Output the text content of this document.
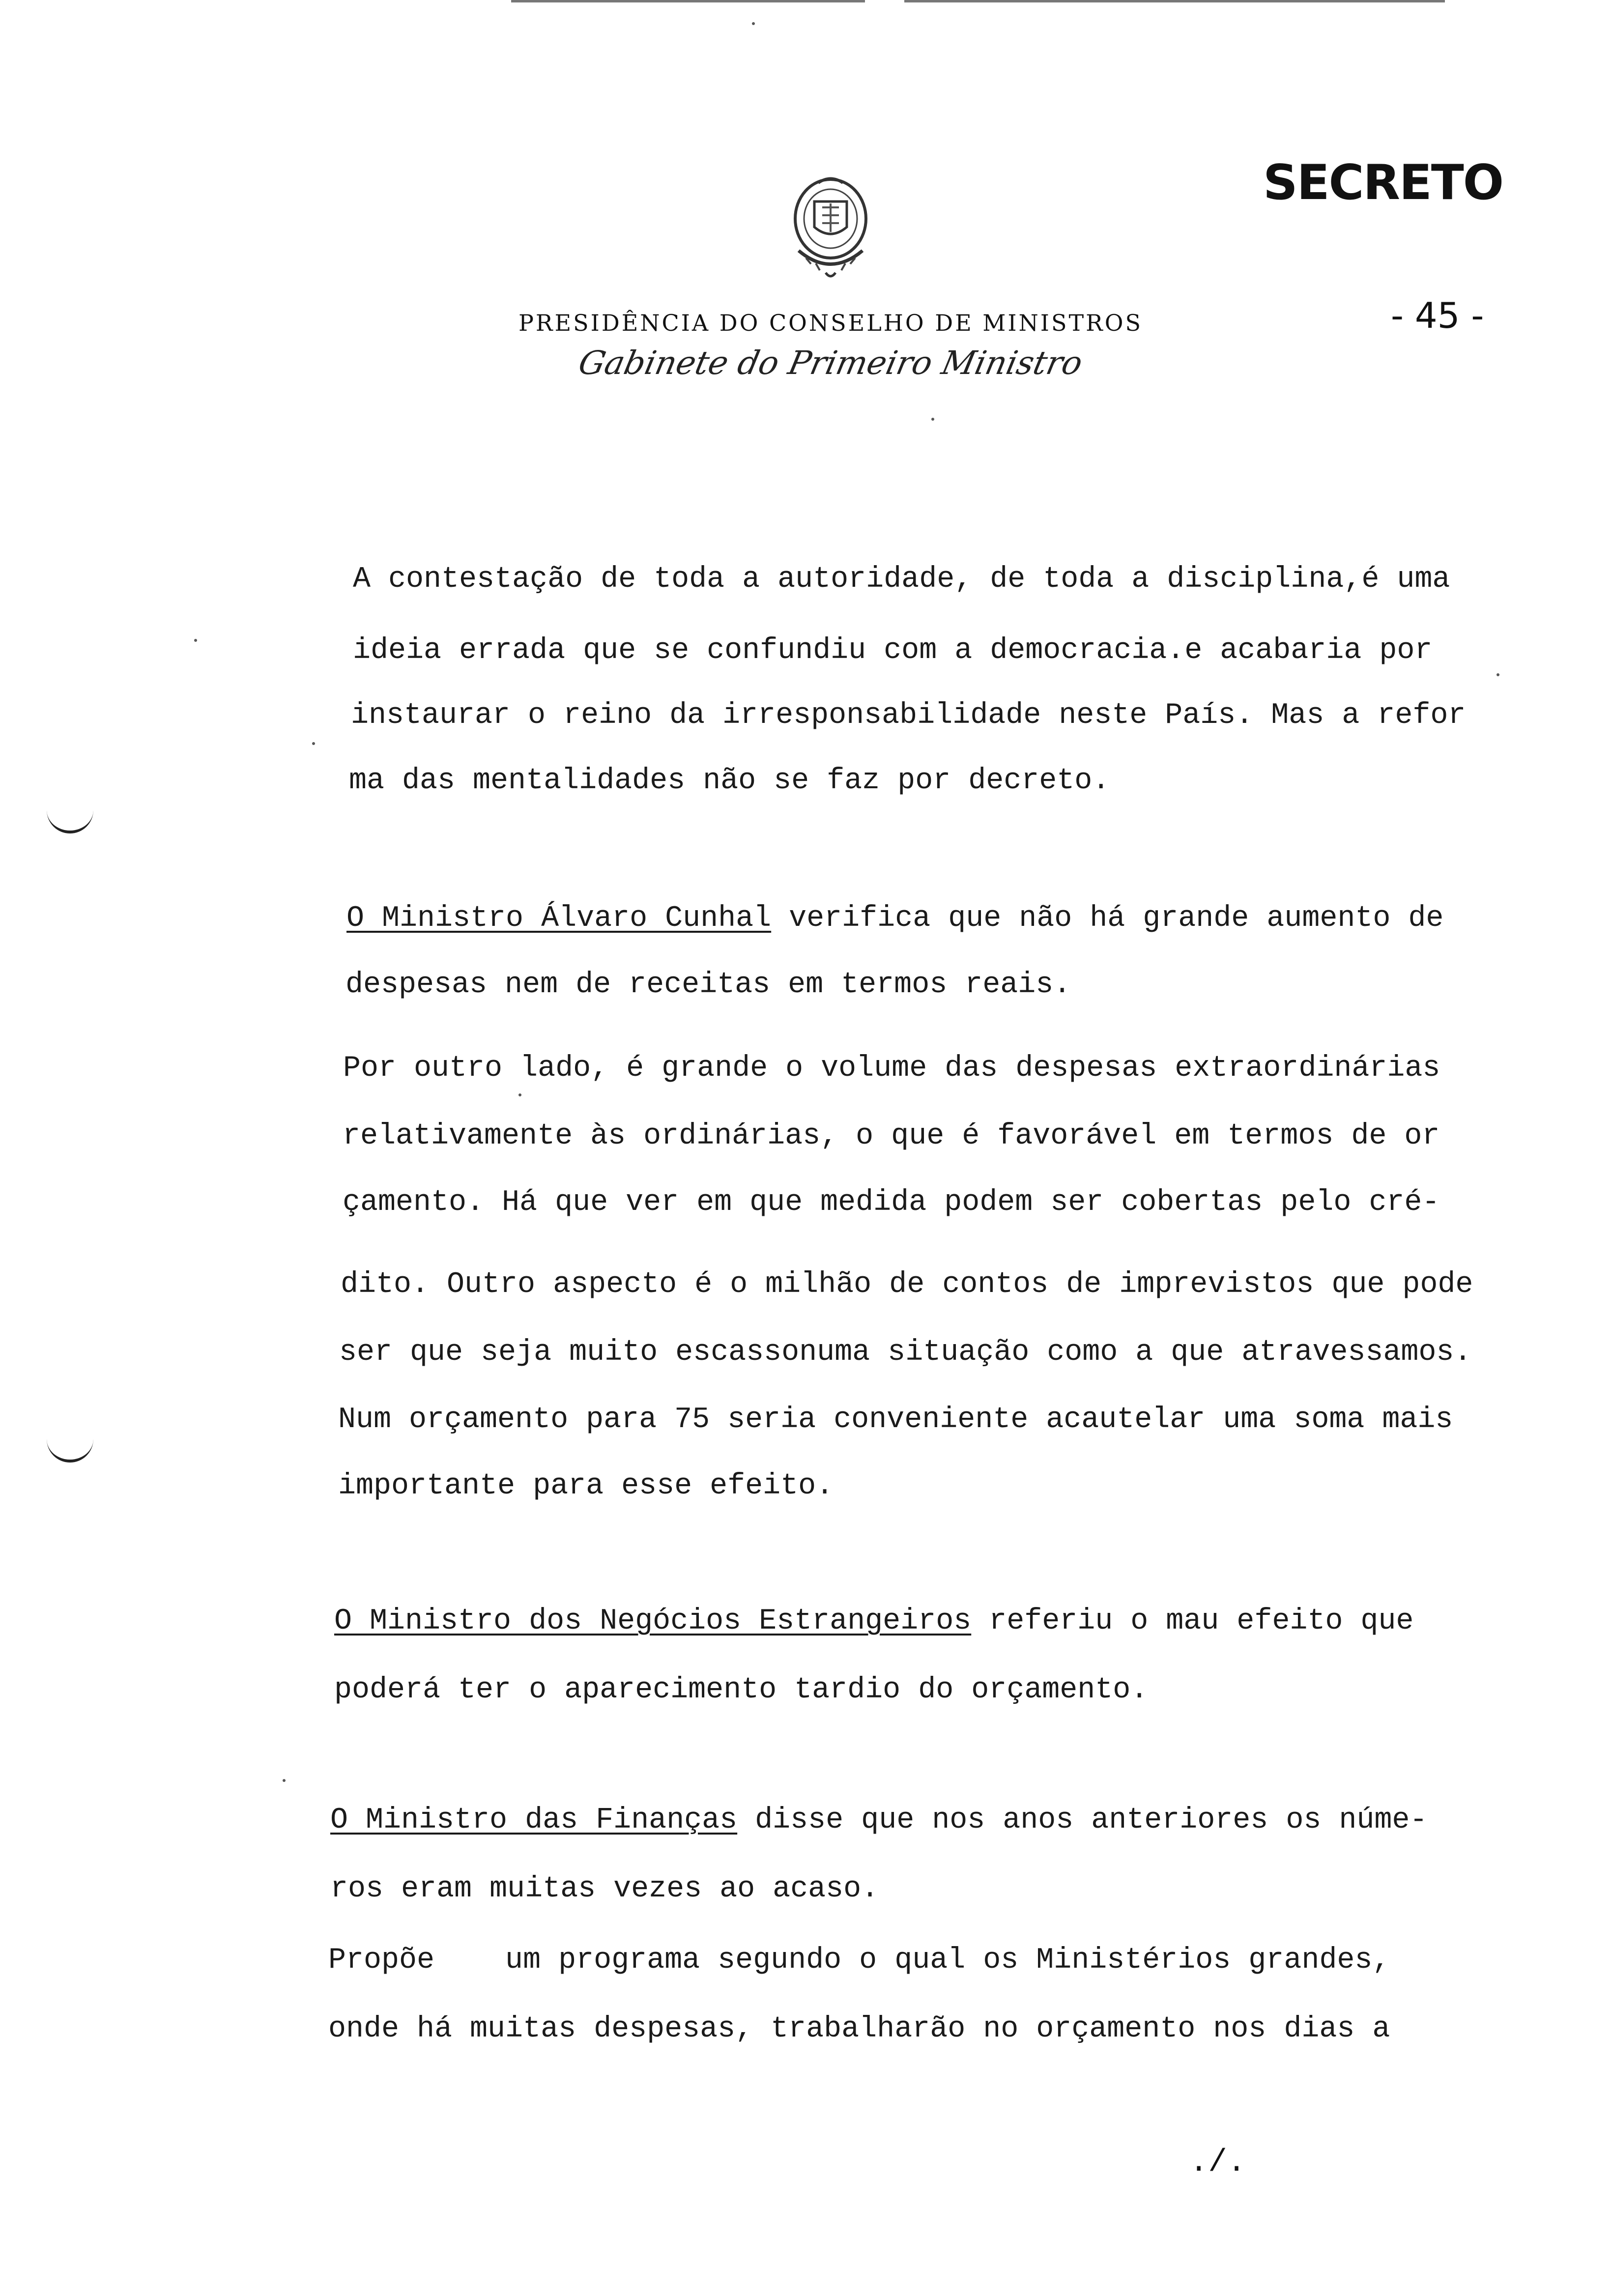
SECRETO
- 45 -
PRESIDÊNCIA DO CONSELHO DE MINISTROS
Gabinete do Primeiro Ministro
A contestação de toda a autoridade, de toda a disciplina,é uma
ideia errada que se confundiu com a democracia.e acabaria por
instaurar o reino da irresponsabilidade neste País. Mas a refor
ma das mentalidades não se faz por decreto.
O Ministro Álvaro Cunhal verifica que não há grande aumento de
despesas nem de receitas em termos reais.
Por outro lado, é grande o volume das despesas extraordinárias
relativamente às ordinárias, o que é favorável em termos de or
çamento. Há que ver em que medida podem ser cobertas pelo cré-
dito. Outro aspecto é o milhão de contos de imprevistos que pode
ser que seja muito escassonuma situação como a que atravessamos.
Num orçamento para 75 seria conveniente acautelar uma soma mais
importante para esse efeito.
O Ministro dos Negócios Estrangeiros referiu o mau efeito que
poderá ter o aparecimento tardio do orçamento.
O Ministro das Finanças disse que nos anos anteriores os núme-
ros eram muitas vezes ao acaso.
Propõe    um programa segundo o qual os Ministérios grandes,
onde há muitas despesas, trabalharão no orçamento nos dias a
./.
